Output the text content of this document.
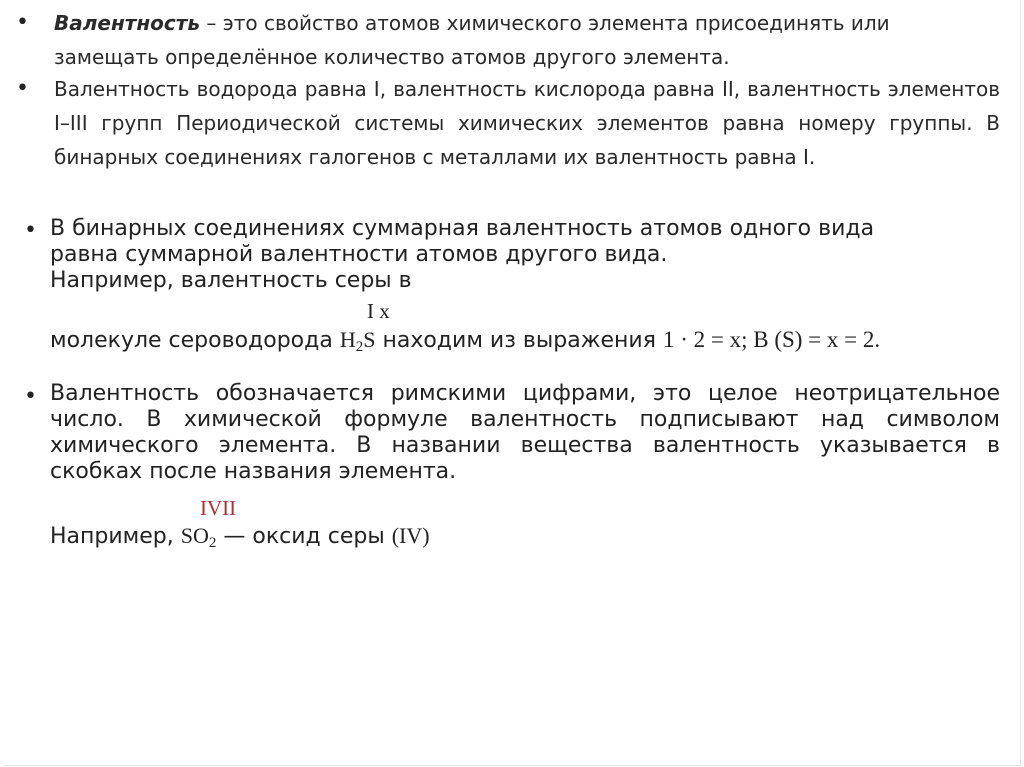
• Валентность – это свойство атомов химического элемента присоединять или замещать определённое количество атомов другого элемента.
• Валентность водорода равна I, валентность кислорода равна II, валентность элементов I–III групп Периодической системы химических элементов равна номеру группы. В бинарных соединениях галогенов с металлами их валентность равна I.
• В бинарных соединениях суммарная валентность атомов одного вида
равна суммарной валентности атомов другого вида.
Например, валентность серы в
I x
молекуле сероводорода $H_2S$ находим из выражения 1 · 2 = x; В (S) = x = 2.
• Валентность обозначается римскими цифрами, это целое неотрицательное число. В химической формуле валентность подписывают над символом химического элемента. В названии вещества валентность указывается в скобках после названия элемента.
IVII
Например, $SO_2$ — оксид серы (IV)
